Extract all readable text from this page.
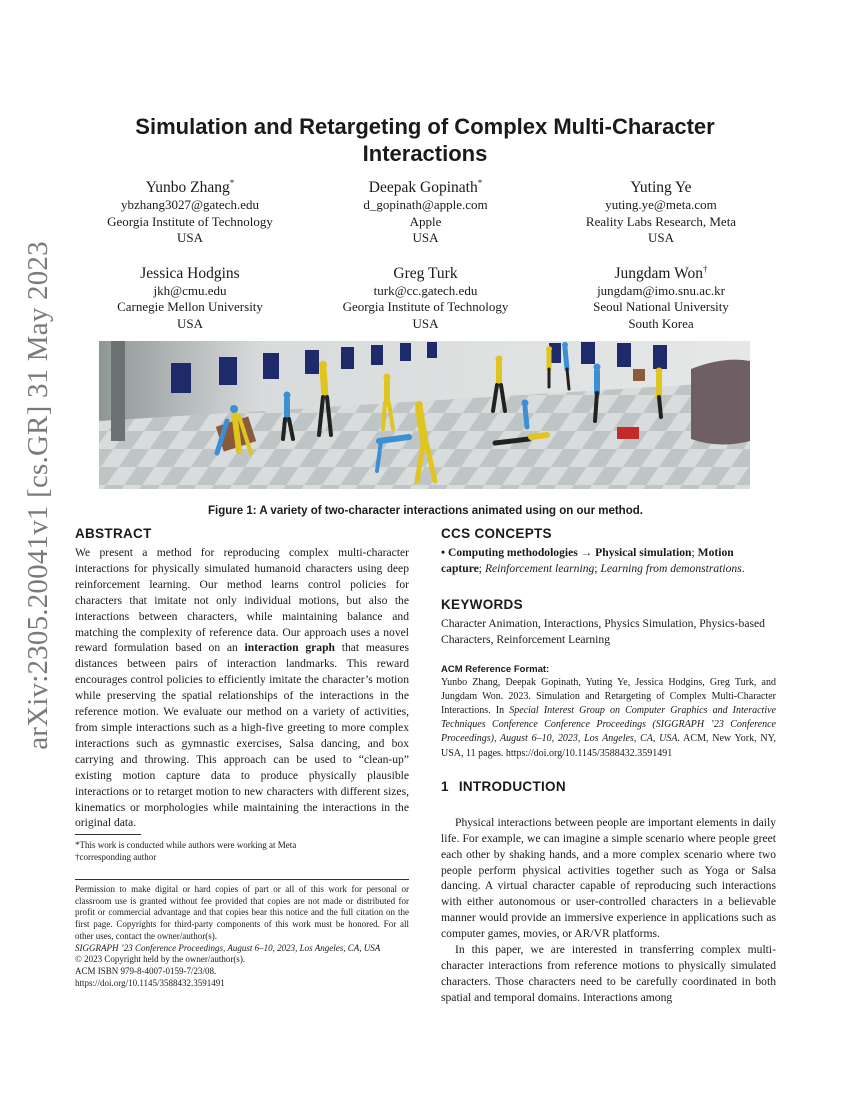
arXiv:2305.20041v1 [cs.GR] 31 May 2023
Simulation and Retargeting of Complex Multi-Character Interactions
Yunbo Zhang*
ybzhang3027@gatech.edu
Georgia Institute of Technology
USA
Deepak Gopinath*
d_gopinath@apple.com
Apple
USA
Yuting Ye
yuting.ye@meta.com
Reality Labs Research, Meta
USA
Jessica Hodgins
jkh@cmu.edu
Carnegie Mellon University
USA
Greg Turk
turk@cc.gatech.edu
Georgia Institute of Technology
USA
Jungdam Won†
jungdam@imo.snu.ac.kr
Seoul National University
South Korea
Figure 1: A variety of two-character interactions animated using on our method.
ABSTRACT

We present a method for reproducing complex multi-character interactions for physically simulated humanoid characters using deep reinforcement learning. Our method learns control policies for characters that imitate not only individual motions, but also the interactions between characters, while maintaining balance and matching the complexity of reference data. Our approach uses a novel reward formulation based on an interaction graph that measures distances between pairs of interaction landmarks. This reward encourages control policies to efficiently imitate the character’s motion while preserving the spatial relationships of the interactions in the reference motion. We evaluate our method on a variety of activities, from simple interactions such as a high-five greeting to more complex interactions such as gymnastic exercises, Salsa dancing, and box carrying and throwing. This approach can be used to “clean-up” existing motion capture data to produce physically plausible interactions or to retarget motion to new characters with different sizes, kinematics or morphologies while maintaining the interactions in the original data.

*This work is conducted while authors were working at Meta
†corresponding author
Permission to make digital or hard copies of part or all of this work for personal or classroom use is granted without fee provided that copies are not made or distributed for profit or commercial advantage and that copies bear this notice and the full citation on the first page. Copyrights for third-party components of this work must be honored. For all other uses, contact the owner/author(s).
SIGGRAPH ’23 Conference Proceedings, August 6–10, 2023, Los Angeles, CA, USA
© 2023 Copyright held by the owner/author(s).
ACM ISBN 979-8-4007-0159-7/23/08.
https://doi.org/10.1145/3588432.3591491
CCS CONCEPTS

• Computing methodologies → Physical simulation; Motion capture; Reinforcement learning; Learning from demonstrations.

KEYWORDS

Character Animation, Interactions, Physics Simulation, Physics-based Characters, Reinforcement Learning

ACM Reference Format:

Yunbo Zhang, Deepak Gopinath, Yuting Ye, Jessica Hodgins, Greg Turk, and Jungdam Won. 2023. Simulation and Retargeting of Complex Multi-Character Interactions. In Special Interest Group on Computer Graphics and Interactive Techniques Conference Conference Proceedings (SIGGRAPH ’23 Conference Proceedings), August 6–10, 2023, Los Angeles, CA, USA. ACM, New York, NY, USA, 11 pages. https://doi.org/10.1145/3588432.3591491

1 INTRODUCTION

Physical interactions between people are important elements in daily life. For example, we can imagine a simple scenario where people greet each other by shaking hands, and a more complex scenario where two people perform physical activities together such as Yoga or Salsa dancing. A virtual character capable of reproducing such interactions with either autonomous or user-controlled characters in a believable manner would provide an immersive experience in applications such as computer games, movies, or AR/VR platforms.

In this paper, we are interested in transferring complex multi-character interactions from reference motions to physically simulated characters. Those characters need to be carefully coordinated in both spatial and temporal domains. Interactions among
